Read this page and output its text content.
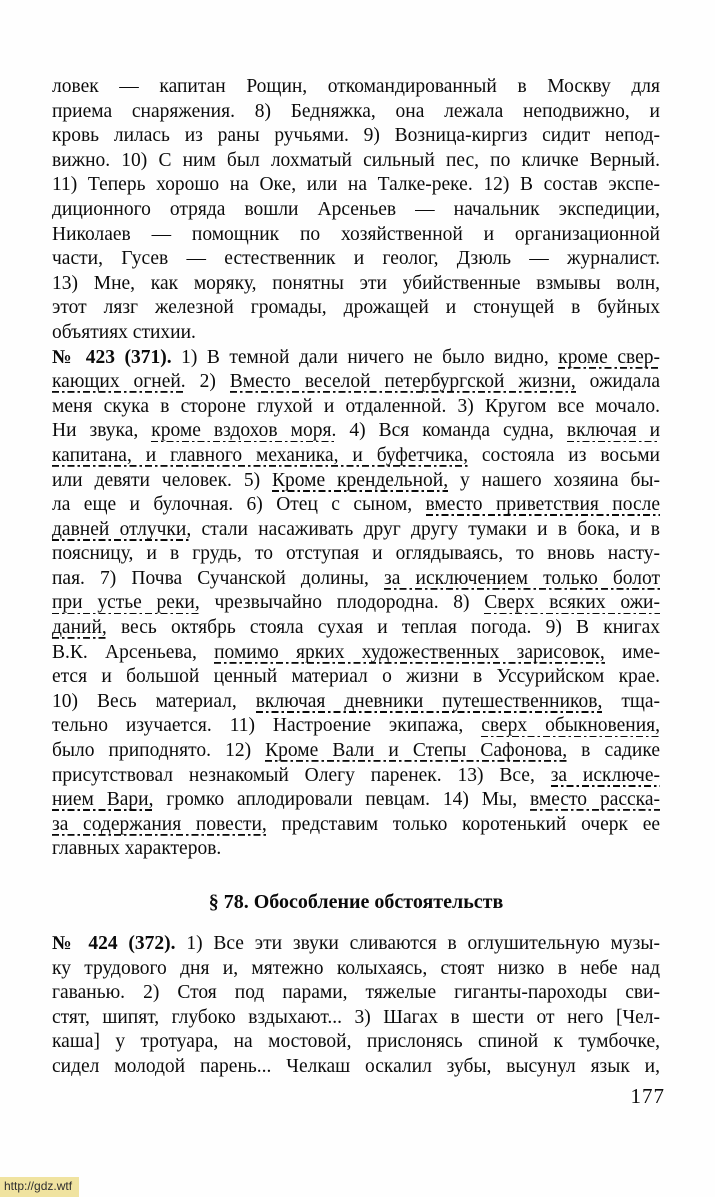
ловек — капитан Рощин, откомандированный в Москву для
приема снаряжения. 8) Бедняжка, она лежала неподвижно, и
кровь лилась из раны ручьями. 9) Возница-киргиз сидит непод-
вижно. 10) С ним был лохматый сильный пес, по кличке Верный.
11) Теперь хорошо на Оке, или на Талке-реке. 12) В состав экспе-
диционного отряда вошли Арсеньев — начальник экспедиции,
Николаев — помощник по хозяйственной и организационной
части, Гусев — естественник и геолог, Дзюль — журналист.
13) Мне, как моряку, понятны эти убийственные взмывы волн,
этот лязг железной громады, дрожащей и стонущей в буйных
объятиях стихии.
№ 423 (371). 1) В темной дали ничего не было видно, кроме свер-
кающих огней. 2) Вместо веселой петербургской жизни, ожидала
меня скука в стороне глухой и отдаленной. 3) Кругом все мочало.
Ни звука, кроме вздохов моря. 4) Вся команда судна, включая и
капитана, и главного механика, и буфетчика, состояла из восьми
или девяти человек. 5) Кроме крендельной, у нашего хозяина бы-
ла еще и булочная. 6) Отец с сыном, вместо приветствия после
давней отлучки, стали насаживать друг другу тумаки и в бока, и в
поясницу, и в грудь, то отступая и оглядываясь, то вновь насту-
пая. 7) Почва Сучанской долины, за исключением только болот
при устье реки, чрезвычайно плодородна. 8) Сверх всяких ожи-
даний, весь октябрь стояла сухая и теплая погода. 9) В книгах
В.К. Арсеньева, помимо ярких художественных зарисовок, име-
ется и большой ценный материал о жизни в Уссурийском крае.
10) Весь материал, включая дневники путешественников, тща-
тельно изучается. 11) Настроение экипажа, сверх обыкновения,
было приподнято. 12) Кроме Вали и Степы Сафонова, в садике
присутствовал незнакомый Олегу паренек. 13) Все, за исключе-
нием Вари, громко аплодировали певцам. 14) Мы, вместо расска-
за содержания повести, представим только коротенький очерк ее
главных характеров.
§ 78. Обособление обстоятельств
№ 424 (372). 1) Все эти звуки сливаются в оглушительную музы-
ку трудового дня и, мятежно колыхаясь, стоят низко в небе над
гаванью. 2) Стоя под парами, тяжелые гиганты-пароходы сви-
стят, шипят, глубоко вздыхают... 3) Шагах в шести от него [Чел-
каша] у тротуара, на мостовой, прислонясь спиной к тумбочке,
сидел молодой парень... Челкаш оскалил зубы, высунул язык и,
177
http://gdz.wtf
